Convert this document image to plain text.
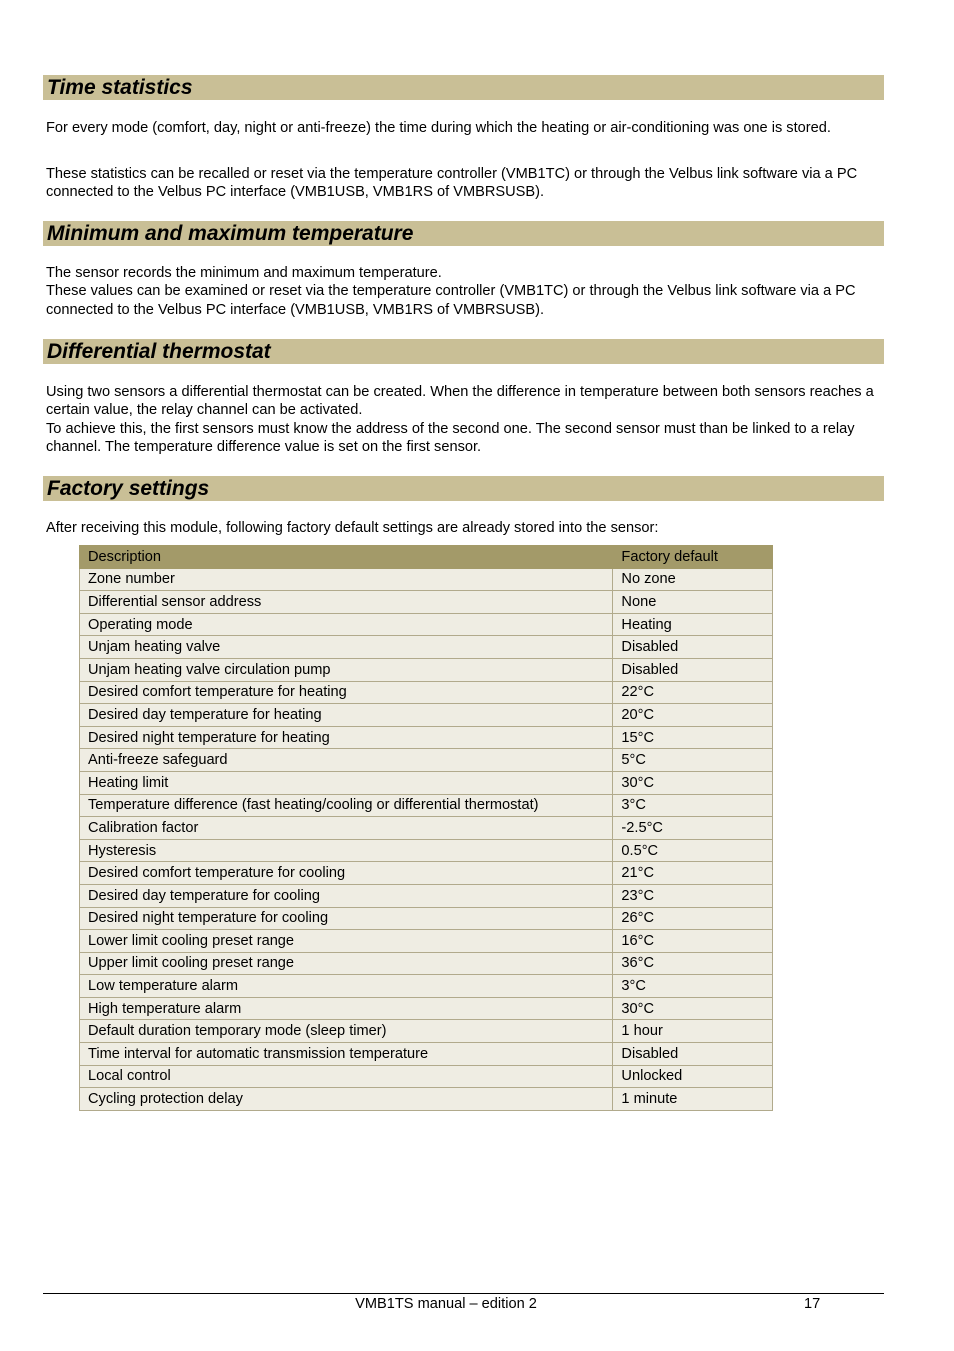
Time statistics

For every mode (comfort, day, night or anti-freeze) the time during which the heating or air-conditioning was one is stored.

These statistics can be recalled or reset via the temperature controller (VMB1TC) or through the Velbus link software via a PC connected to the Velbus PC interface (VMB1USB, VMB1RS of VMBRSUSB).

Minimum and maximum temperature
The sensor records the minimum and maximum temperature.
These values can be examined or reset via the temperature controller (VMB1TC) or through the Velbus link software via a PC connected to the Velbus PC interface (VMB1USB, VMB1RS of VMBRSUSB).
Differential thermostat
Using two sensors a differential thermostat can be created. When the difference in temperature between both sensors reaches a certain value, the relay channel can be activated.
To achieve this, the first sensors must know the address of the second one. The second sensor must than be linked to a relay channel. The temperature difference value is set on the first sensor.
Factory settings

After receiving this module, following factory default settings are already stored into the sensor:

Description	Factory default
Zone number	No zone
Differential sensor address	None
Operating mode	Heating
Unjam heating valve	Disabled
Unjam heating valve circulation pump	Disabled
Desired comfort temperature for heating	22°C
Desired day temperature for heating	20°C
Desired night temperature for heating	15°C
Anti-freeze safeguard	5°C
Heating limit	30°C
Temperature difference (fast heating/cooling or differential thermostat)	3°C
Calibration factor	-2.5°C
Hysteresis	0.5°C
Desired comfort temperature for cooling	21°C
Desired day temperature for cooling	23°C
Desired night temperature for cooling	26°C
Lower limit cooling preset range	16°C
Upper limit cooling preset range	36°C
Low temperature alarm	3°C
High temperature alarm	30°C
Default duration temporary mode (sleep timer)	1 hour
Time interval for automatic transmission temperature	Disabled
Local control	Unlocked
Cycling protection delay	1 minute
VMB1TS manual – edition 2	17
